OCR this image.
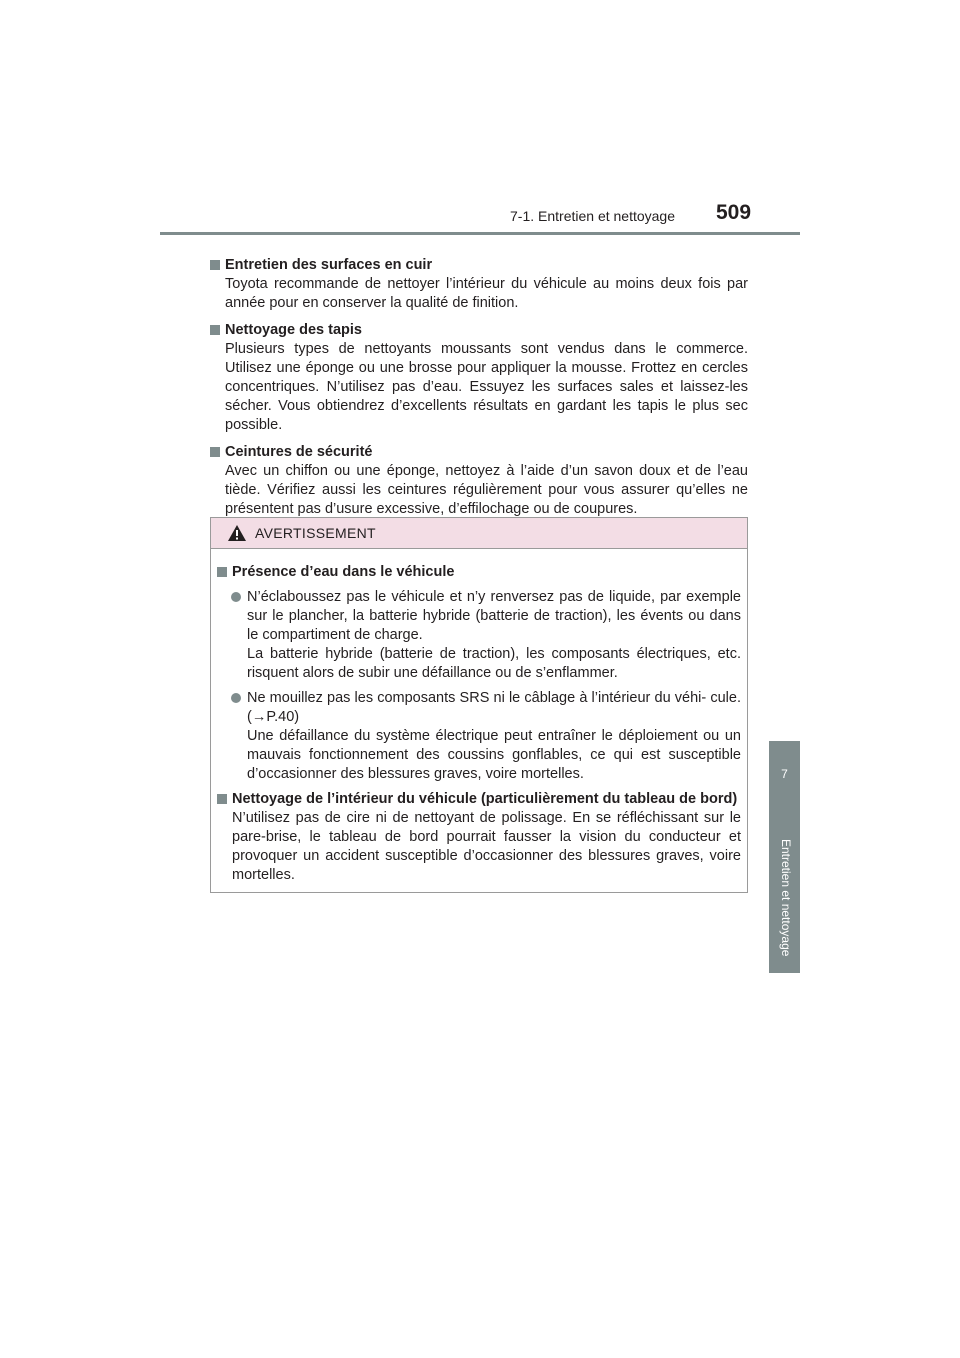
7-1. Entretien et nettoyage 509
7
Entretien et nettoyage
Entretien des surfaces en cuir
Toyota recommande de nettoyer l’intérieur du véhicule au moins deux fois par année pour en conserver la qualité de finition.
Nettoyage des tapis
Plusieurs types de nettoyants moussants sont vendus dans le commerce. Utilisez une éponge ou une brosse pour appliquer la mousse. Frottez en cercles concentriques. N’utilisez pas d’eau. Essuyez les surfaces sales et laissez-les sécher. Vous obtiendrez d’excellents résultats en gardant les tapis le plus sec possible.
Ceintures de sécurité
Avec un chiffon ou une éponge, nettoyez à l’aide d’un savon doux et de l’eau tiède. Vérifiez aussi les ceintures régulièrement pour vous assurer qu’elles ne présentent pas d’usure excessive, d’effilochage ou de coupures.
AVERTISSEMENT
Présence d’eau dans le véhicule

N’éclaboussez pas le véhicule et n’y renversez pas de liquide, par exemple sur le plancher, la batterie hybride (batterie de traction), les évents ou dans le compartiment de charge.

La batterie hybride (batterie de traction), les composants électriques, etc. risquent alors de subir une défaillance ou de s’enflammer.

Ne mouillez pas les composants SRS ni le câblage à l’intérieur du véhi- cule. (→P.40)

Une défaillance du système électrique peut entraîner le déploiement ou un mauvais fonctionnement des coussins gonflables, ce qui est susceptible d’occasionner des blessures graves, voire mortelles.

Nettoyage de l’intérieur du véhicule (particulièrement du tableau de bord)
N’utilisez pas de cire ni de nettoyant de polissage. En se réfléchissant sur le pare-brise, le tableau de bord pourrait fausser la vision du conducteur et provoquer un accident susceptible d’occasionner des blessures graves, voire mortelles.
